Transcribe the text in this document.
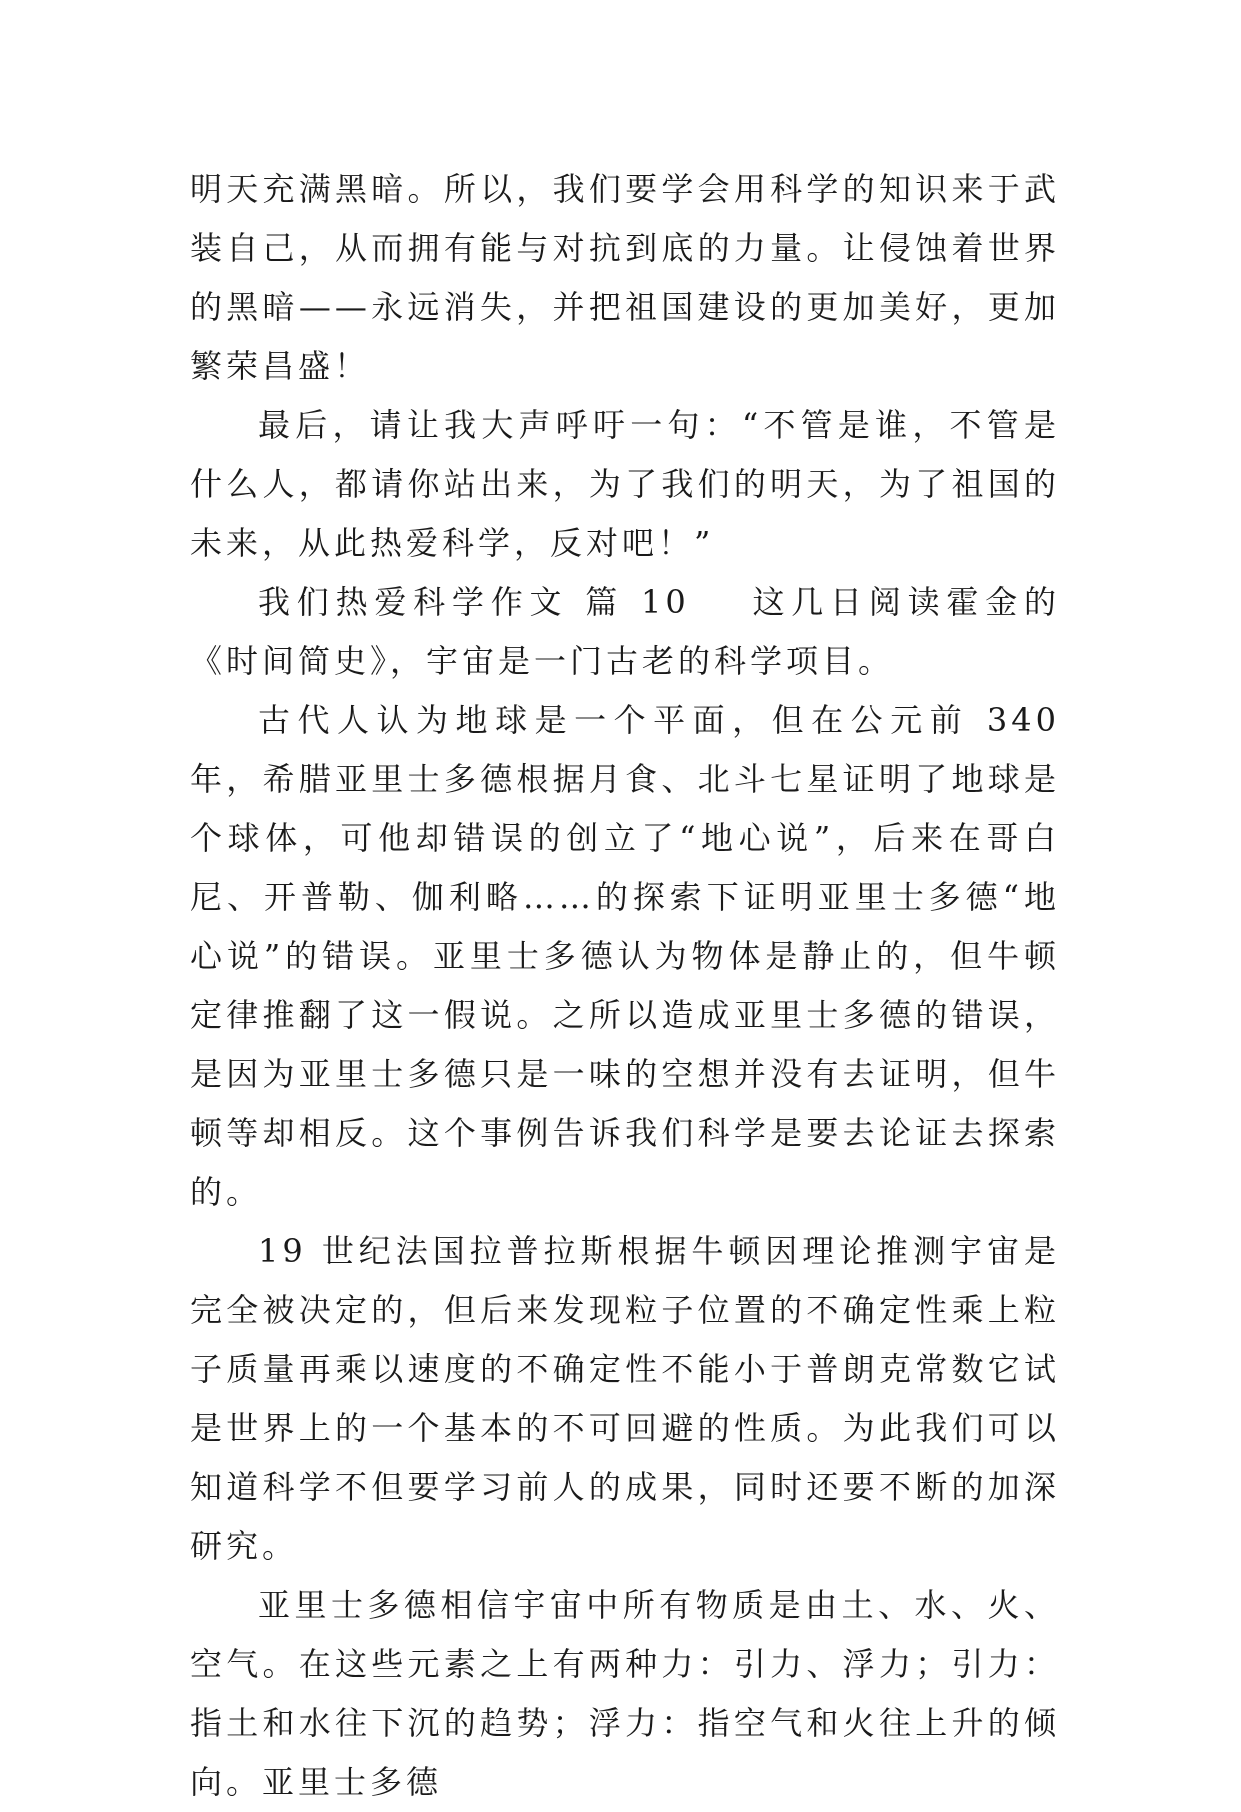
明天充满黑暗。所以，我们要学会用科学的知识来于武装自己，从而拥有能与对抗到底的力量。让侵蚀着世界的黑暗——永远消失，并把祖国建设的更加美好，更加繁荣昌盛！

最后，请让我大声呼吁一句：“不管是谁，不管是什么人，都请你站出来，为了我们的明天，为了祖国的未来，从此热爱科学，反对吧！”

我们热爱科学作文 篇 10 这几日阅读霍金的《时间简史》，宇宙是一门古老的科学项目。

古代人认为地球是一个平面，但在公元前 340 年，希腊亚里士多德根据月食、北斗七星证明了地球是个球体，可他却错误的创立了“地心说”，后来在哥白尼、开普勒、伽利略……的探索下证明亚里士多德“地心说”的错误。亚里士多德认为物体是静止的，但牛顿定律推翻了这一假说。之所以造成亚里士多德的错误，是因为亚里士多德只是一味的空想并没有去证明，但牛顿等却相反。这个事例告诉我们科学是要去论证去探索的。

19 世纪法国拉普拉斯根据牛顿因理论推测宇宙是完全被决定的，但后来发现粒子位置的不确定性乘上粒子质量再乘以速度的不确定性不能小于普朗克常数它试是世界上的一个基本的不可回避的性质。为此我们可以知道科学不但要学习前人的成果，同时还要不断的加深研究。

亚里士多德相信宇宙中所有物质是由土、水、火、空气。在这些元素之上有两种力：引力、浮力；引力：指土和水往下沉的趋势；浮力：指空气和火往上升的倾向。亚里士多德
